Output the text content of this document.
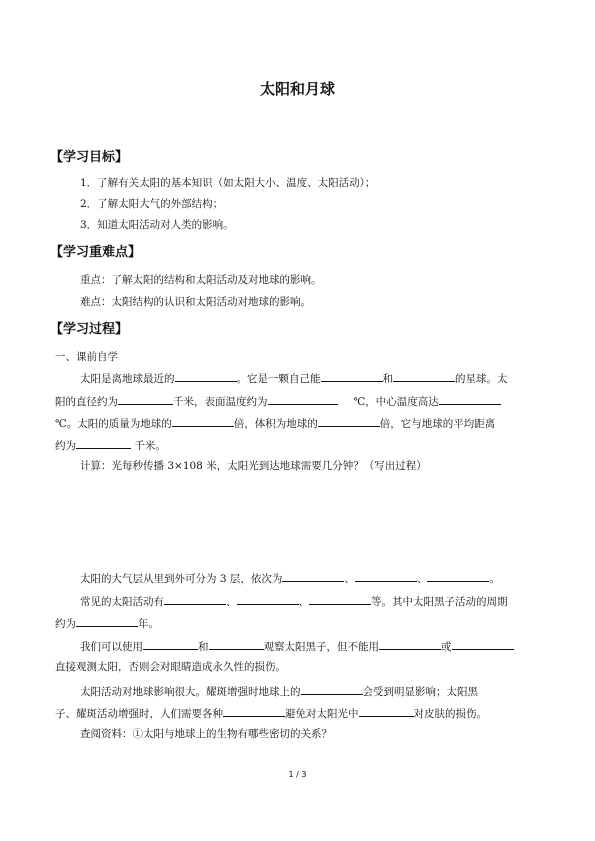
太阳和月球
【学习目标】
1．了解有关太阳的基本知识（如太阳大小、温度、太阳活动）；
2．了解太阳大气的外部结构；
3．知道太阳活动对人类的影响。
【学习重难点】
重点：了解太阳的结构和太阳活动及对地球的影响。
难点：太阳结构的认识和太阳活动对地球的影响。
【学习过程】
一、课前自学
太阳是离地球最近的	。它是一颗自己能	和	的星球。太
阳的直径约为	千米，表面温度约为	℃，中心温度高达
℃。太阳的质量为地球的	倍，体积为地球的	倍，它与地球的平均距离
约为	千米。
计算：光每秒传播 3×108 米，太阳光到达地球需要几分钟？（写出过程）
太阳的大气层从里到外可分为 3 层，依次为	、	、	。
常见的太阳活动有	、	、	等。其中太阳黑子活动的周期
约为	年。
我们可以使用	和	观察太阳黑子，但不能用	或
直接观测太阳，否则会对眼睛造成永久性的损伤。
太阳活动对地球影响很大。耀斑增强时地球上的	会受到明显影响；太阳黑
子、耀斑活动增强时，人们需要各种	避免对太阳光中	对皮肤的损伤。
查阅资料：①太阳与地球上的生物有哪些密切的关系？
1 / 3
